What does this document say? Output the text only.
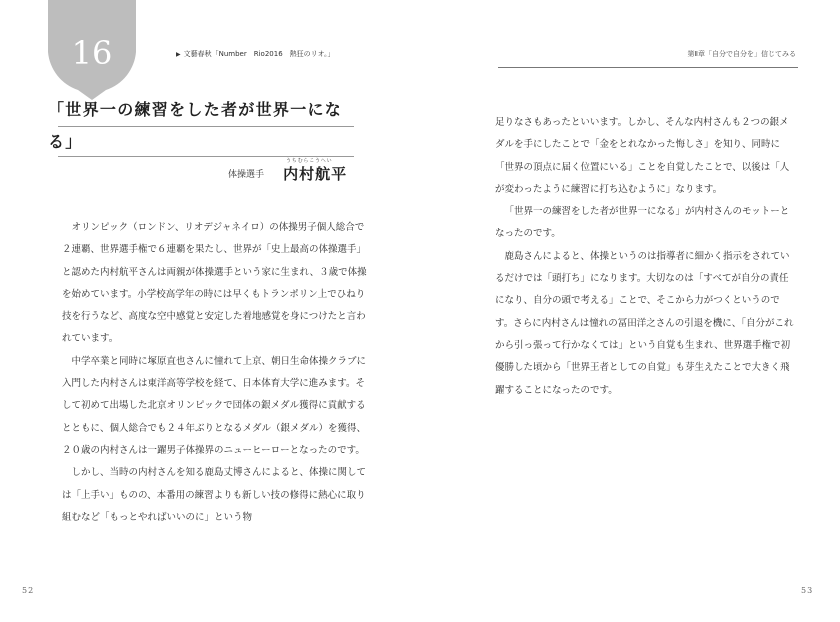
16	▶ 文藝春秋「Number　Rio2016　熱狂のリオ。」
「世界一の練習をした者が世界一になる」
体操選手 内村航平
うちむらこうへい

オリンピック（ロンドン、リオデジャネイロ）の体操男子個人総合で２連覇、世界選手権で６連覇を果たし、世界が「史上最高の体操選手」と認めた内村航平さんは両親が体操選手という家に生まれ、３歳で体操を始めています。小学校高学年の時には早くもトランポリン上でひねり技を行うなど、高度な空中感覚と安定した着地感覚を身につけたと言われています。

中学卒業と同時に塚原直也さんに憧れて上京、朝日生命体操クラブに入門した内村さんは東洋高等学校を経て、日本体育大学に進みます。そして初めて出場した北京オリンピックで団体の銀メダル獲得に貢献するとともに、個人総合でも２４年ぶりとなるメダル（銀メダル）を獲得、２０歳の内村さんは一躍男子体操界のニューヒーローとなったのです。

しかし、当時の内村さんを知る鹿島丈博さんによると、体操に関しては「上手い」ものの、本番用の練習よりも新しい技の修得に熱心に取り組むなど「もっとやればいいのに」という物

52
第Ⅱ章「自分で自分を」信じてみる
53

足りなさもあったといいます。しかし、そんな内村さんも２つの銀メダルを手にしたことで「金をとれなかった悔しさ」を知り、同時に「世界の頂点に届く位置にいる」ことを自覚したことで、以後は「人が変わったように練習に打ち込むように」なります。

「世界一の練習をした者が世界一になる」が内村さんのモットーとなったのです。

鹿島さんによると、体操というのは指導者に細かく指示をされているだけでは「頭打ち」になります。大切なのは「すべてが自分の責任になり、自分の頭で考える」ことで、そこから力がつくというのです。さらに内村さんは憧れの冨田洋之さんの引退を機に、「自分がこれから引っ張って行かなくては」という自覚も生まれ、世界選手権で初優勝した頃から「世界王者としての自覚」も芽生えたことで大きく飛躍することになったのです。
